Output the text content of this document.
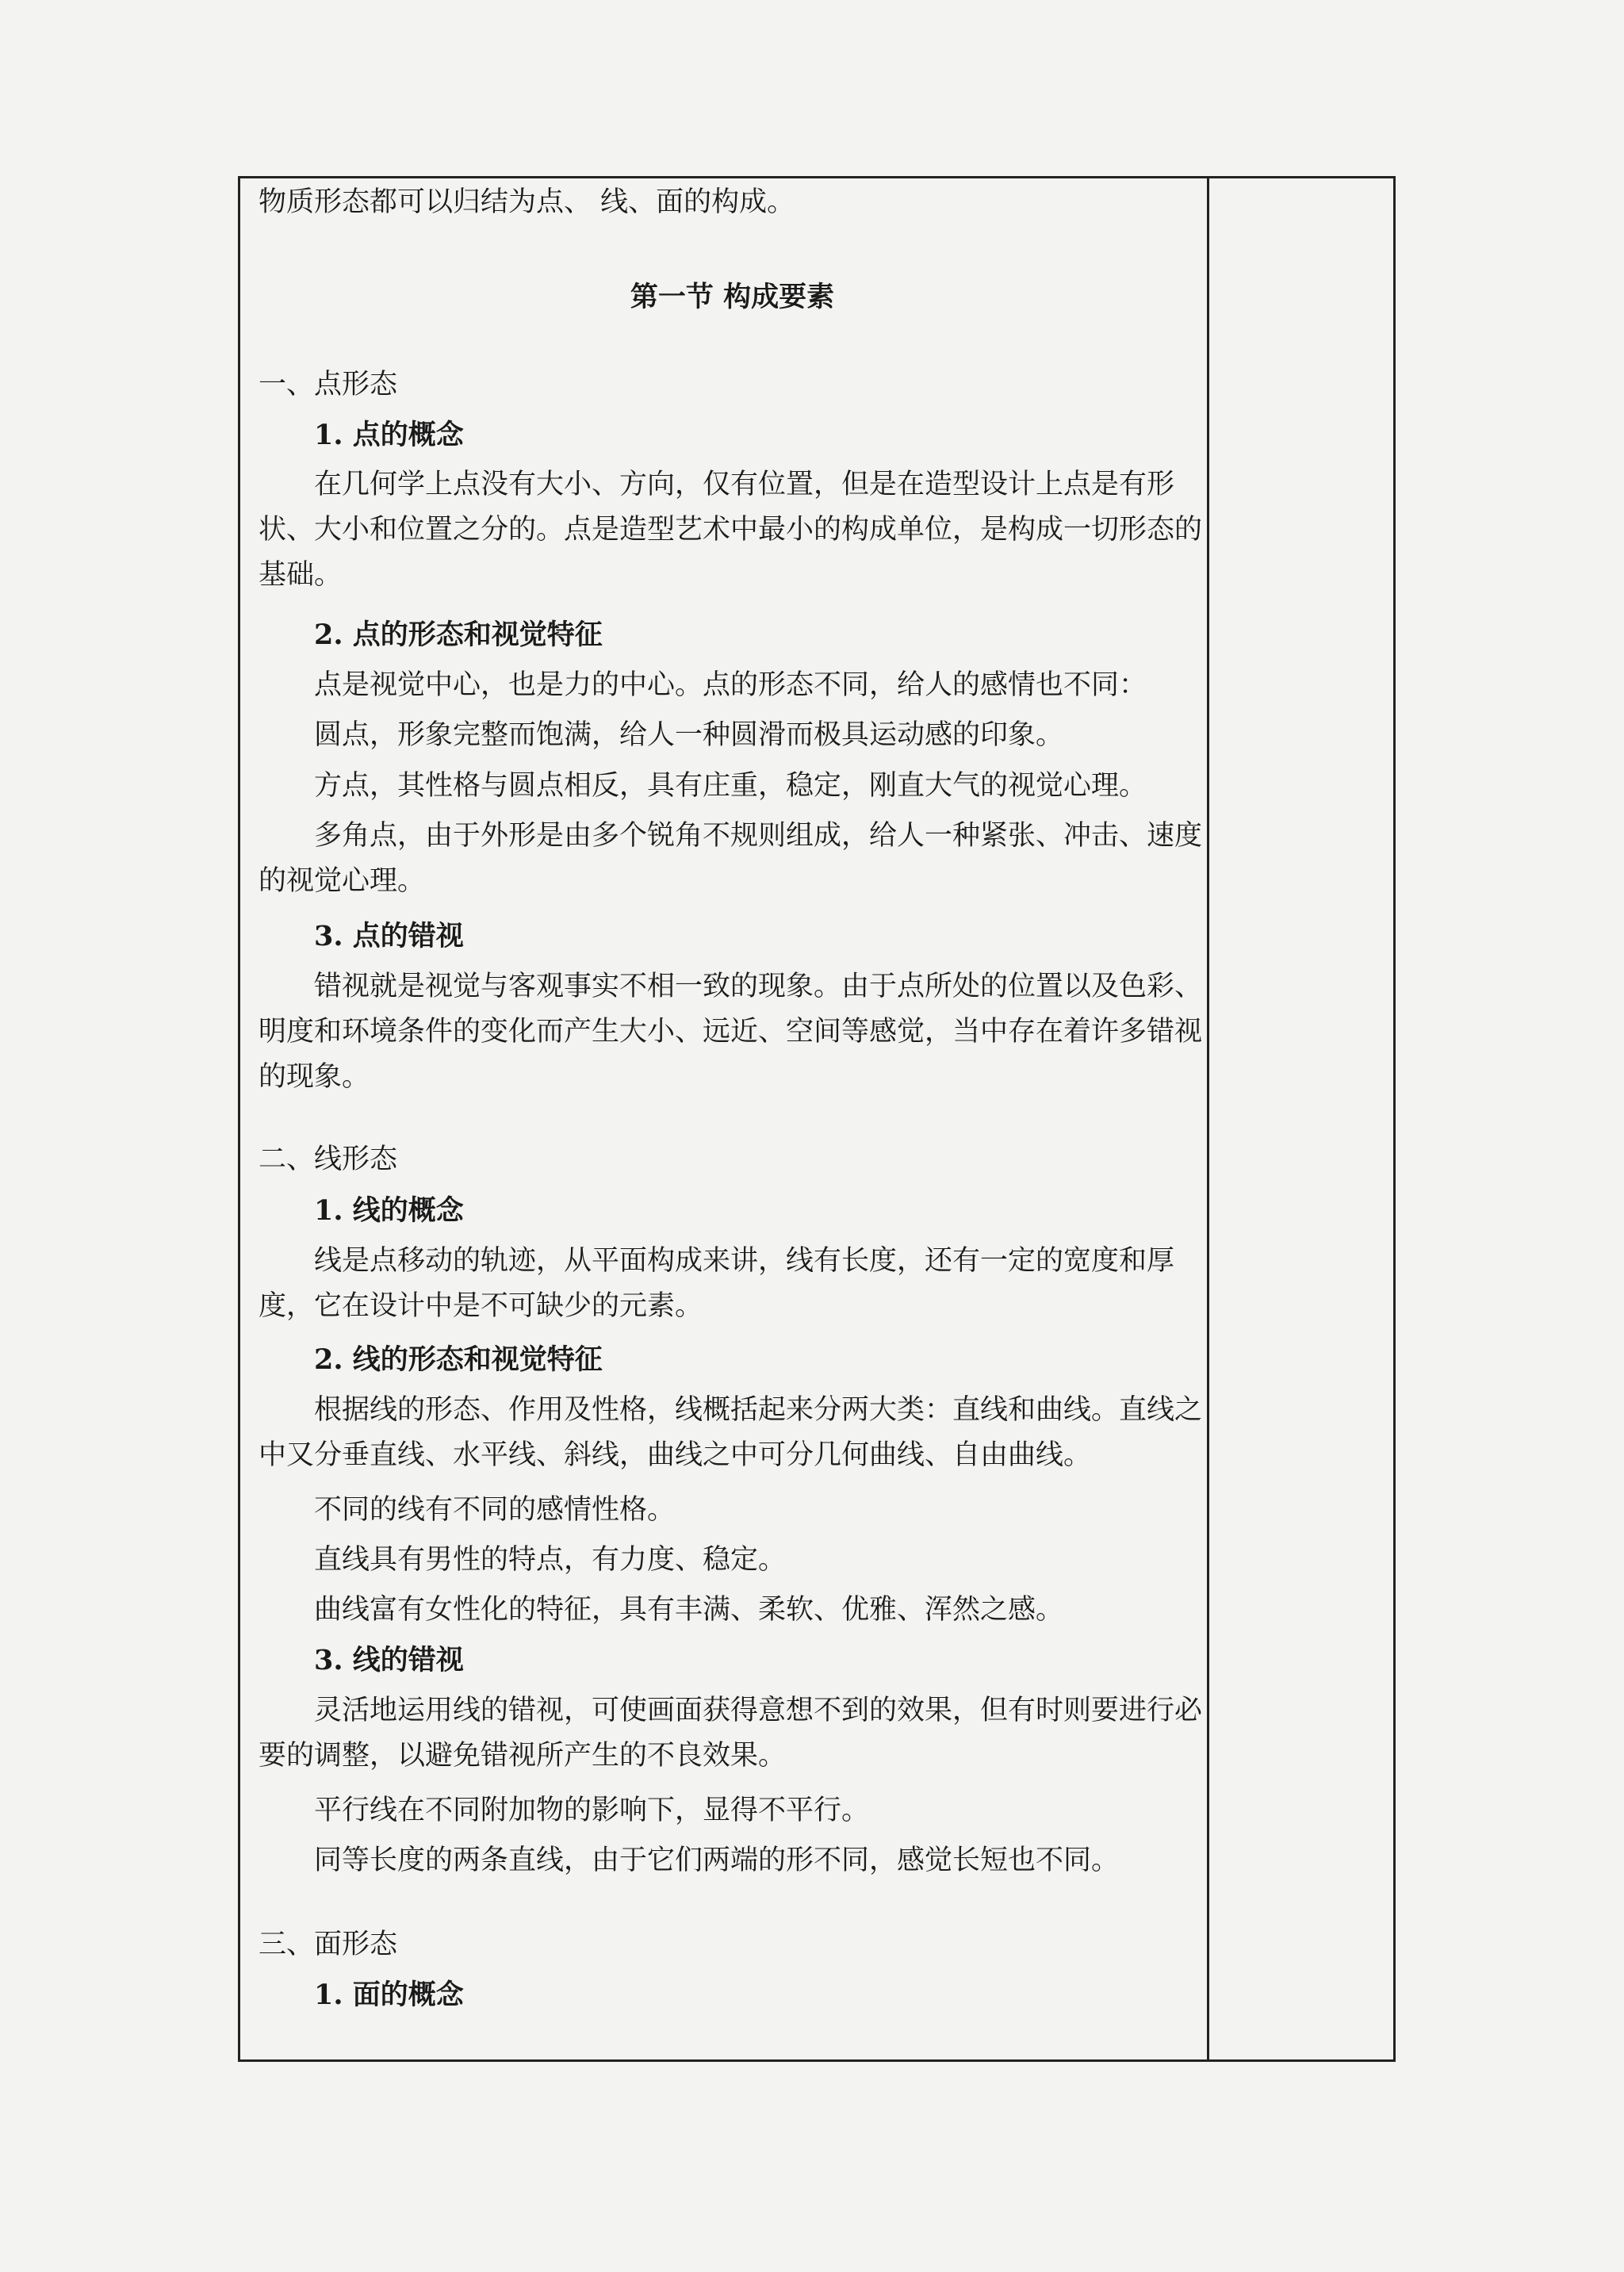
物质形态都可以归结为点、 线、面的构成。
第一节 构成要素
一、点形态
1. 点的概念
在几何学上点没有大小、方向，仅有位置，但是在造型设计上点是有形状、大小和位置之分的。点是造型艺术中最小的构成单位，是构成一切形态的基础。
2. 点的形态和视觉特征
点是视觉中心，也是力的中心。点的形态不同，给人的感情也不同：
圆点，形象完整而饱满，给人一种圆滑而极具运动感的印象。
方点，其性格与圆点相反，具有庄重，稳定，刚直大气的视觉心理。
多角点，由于外形是由多个锐角不规则组成，给人一种紧张、冲击、速度的视觉心理。
3. 点的错视
错视就是视觉与客观事实不相一致的现象。由于点所处的位置以及色彩、明度和环境条件的变化而产生大小、远近、空间等感觉，当中存在着许多错视的现象。
二、线形态
1. 线的概念
线是点移动的轨迹，从平面构成来讲，线有长度，还有一定的宽度和厚度，它在设计中是不可缺少的元素。
2. 线的形态和视觉特征
根据线的形态、作用及性格，线概括起来分两大类：直线和曲线。直线之中又分垂直线、水平线、斜线，曲线之中可分几何曲线、自由曲线。
不同的线有不同的感情性格。
直线具有男性的特点，有力度、稳定。
曲线富有女性化的特征，具有丰满、柔软、优雅、浑然之感。
3. 线的错视
灵活地运用线的错视，可使画面获得意想不到的效果，但有时则要进行必要的调整，以避免错视所产生的不良效果。
平行线在不同附加物的影响下，显得不平行。
同等长度的两条直线，由于它们两端的形不同，感觉长短也不同。
三、面形态
1. 面的概念
